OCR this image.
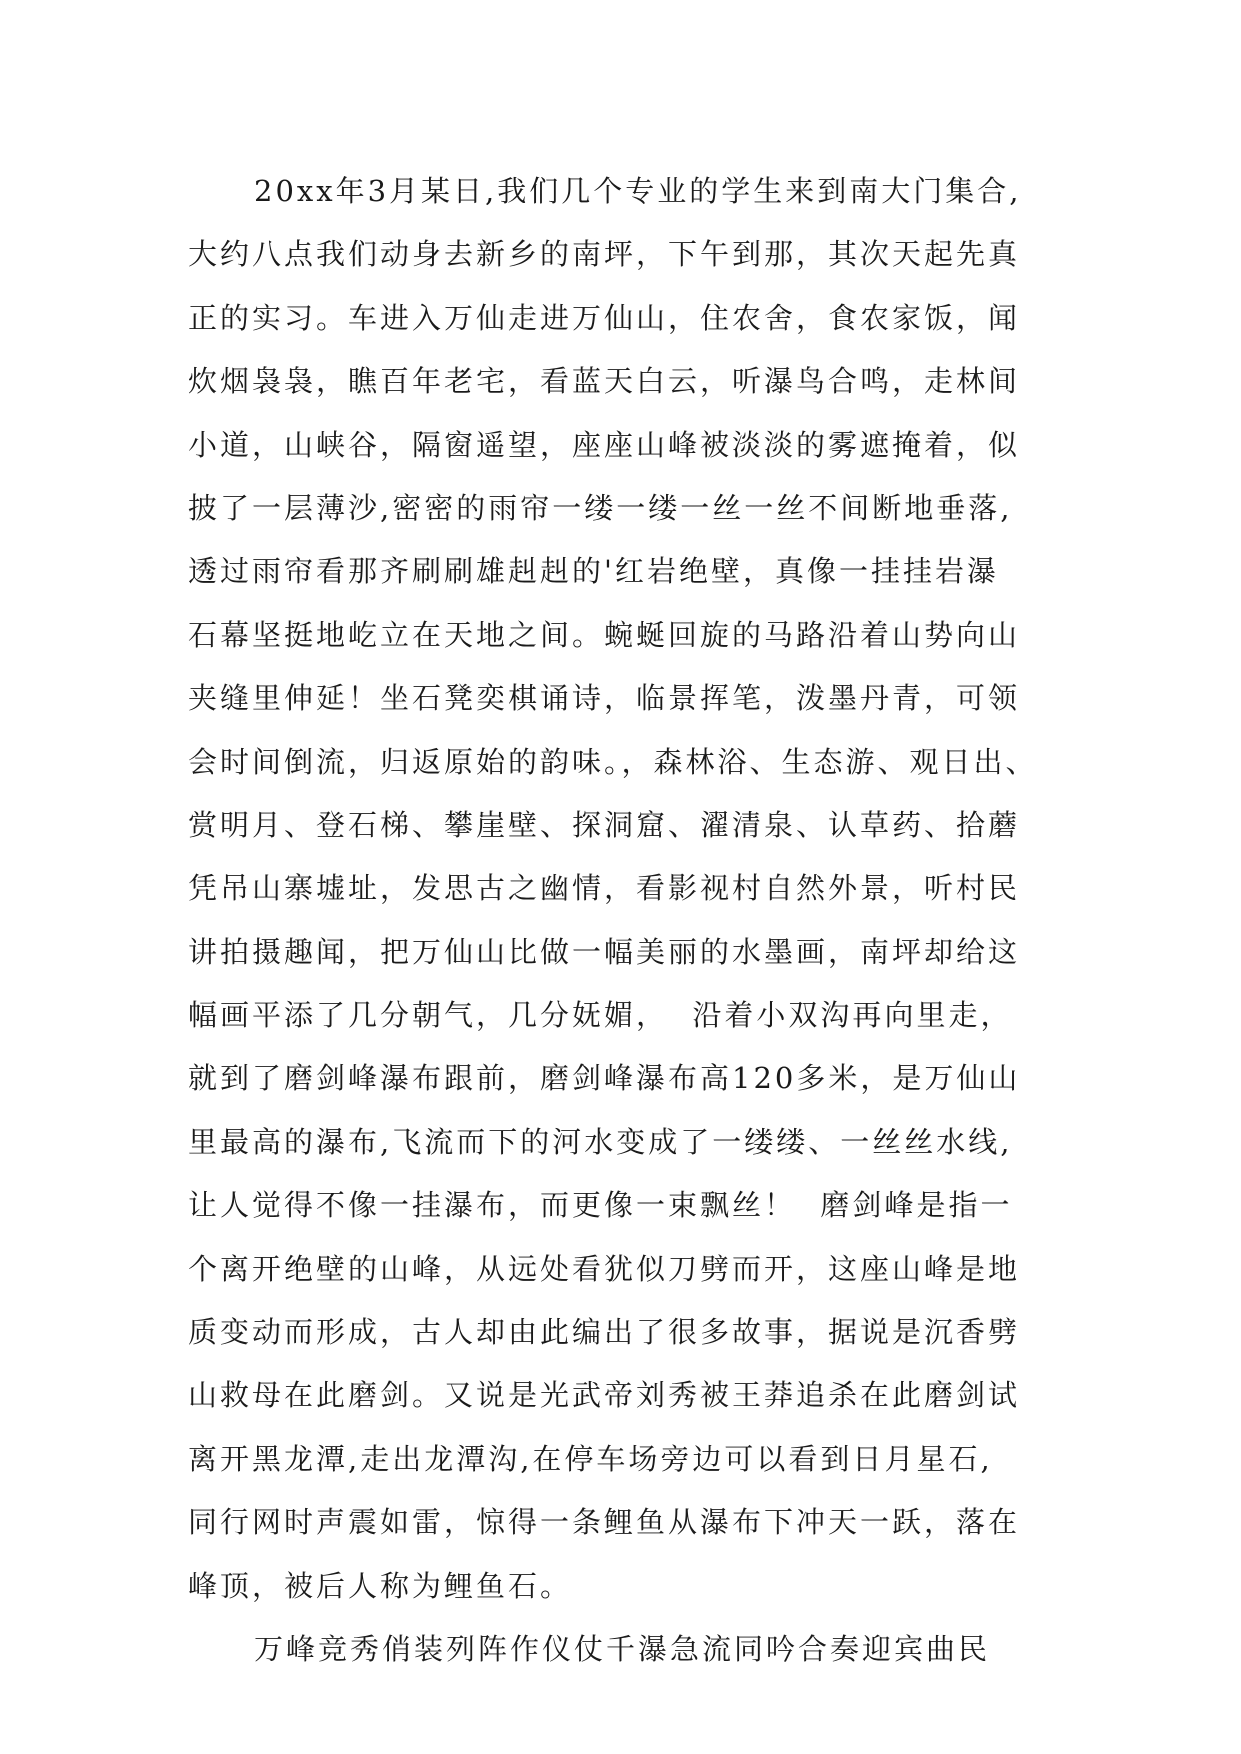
20xx年3月某日,我们几个专业的学生来到南大门集合,
大约八点我们动身去新乡的南坪，下午到那，其次天起先真
正的实习。车进入万仙走进万仙山，住农舍，食农家饭，闻
炊烟袅袅，瞧百年老宅，看蓝天白云，听瀑鸟合鸣，走林间
小道，山峡谷，隔窗遥望，座座山峰被淡淡的雾遮掩着，似
披了一层薄沙,密密的雨帘一缕一缕一丝一丝不间断地垂落,
透过雨帘看那齐刷刷雄赳赳的'红岩绝壁，真像一挂挂岩瀑
石幕坚挺地屹立在天地之间。蜿蜒回旋的马路沿着山势向山
夹缝里伸延！坐石凳奕棋诵诗，临景挥笔，泼墨丹青，可领
会时间倒流，归返原始的韵味。，森林浴、生态游、观日出、
赏明月、登石梯、攀崖壁、探洞窟、濯清泉、认草药、拾蘑
凭吊山寨墟址，发思古之幽情，看影视村自然外景，听村民
讲拍摄趣闻，把万仙山比做一幅美丽的水墨画，南坪却给这
幅画平添了几分朝气，几分妩媚，  沿着小双沟再向里走，
就到了磨剑峰瀑布跟前，磨剑峰瀑布高120多米，是万仙山
里最高的瀑布,飞流而下的河水变成了一缕缕、一丝丝水线,
让人觉得不像一挂瀑布，而更像一束飘丝！  磨剑峰是指一
个离开绝壁的山峰，从远处看犹似刀劈而开，这座山峰是地
质变动而形成，古人却由此编出了很多故事，据说是沉香劈
山救母在此磨剑。又说是光武帝刘秀被王莽追杀在此磨剑试
离开黑龙潭,走出龙潭沟,在停车场旁边可以看到日月星石,
同行网时声震如雷，惊得一条鲤鱼从瀑布下冲天一跃，落在
峰顶，被后人称为鲤鱼石。
万峰竞秀俏装列阵作仪仗千瀑急流同吟合奏迎宾曲民
